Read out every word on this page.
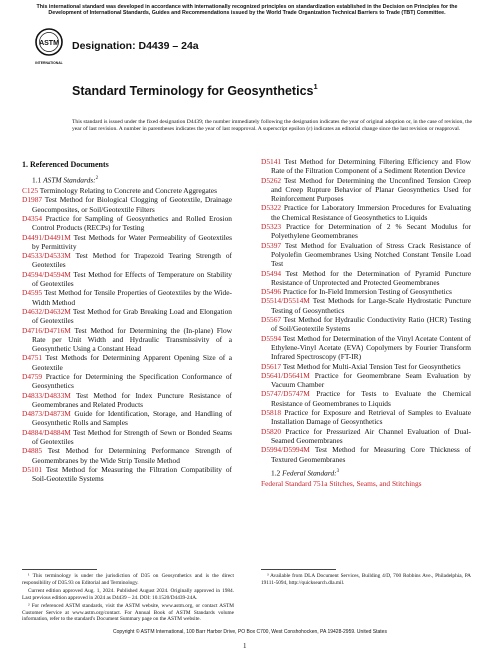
This international standard was developed in accordance with internationally recognized principles on standardization established in the Decision on Principles for the Development of International Standards, Guides and Recommendations issued by the World Trade Organization Technical Barriers to Trade (TBT) Committee.
ASTM
INTERNATIONAL
Designation: D4439 – 24a
Standard Terminology for Geosynthetics$^1$
This standard is issued under the fixed designation D4439; the number immediately following the designation indicates the year of original adoption or, in the case of revision, the year of last revision. A number in parentheses indicates the year of last reapproval. A superscript epsilon (ε) indicates an editorial change since the last revision or reapproval.
1. Referenced Documents
1.1 ASTM Standards:$^2$
C125 Terminology Relating to Concrete and Concrete Aggregates
D1987 Test Method for Biological Clogging of Geotextile, Drainage Geocomposites, or Soil/Geotextile Filters
D4354 Practice for Sampling of Geosynthetics and Rolled Erosion Control Products (RECPs) for Testing
D4491/D4491M Test Methods for Water Permeability of Geotextiles by Permittivity
D4533/D4533M Test Method for Trapezoid Tearing Strength of Geotextiles
D4594/D4594M Test Method for Effects of Temperature on Stability of Geotextiles
D4595 Test Method for Tensile Properties of Geotextiles by the Wide-Width Method
D4632/D4632M Test Method for Grab Breaking Load and Elongation of Geotextiles
D4716/D4716M Test Method for Determining the (In-plane) Flow Rate per Unit Width and Hydraulic Transmissivity of a Geosynthetic Using a Constant Head
D4751 Test Methods for Determining Apparent Opening Size of a Geotextile
D4759 Practice for Determining the Specification Conformance of Geosynthetics
D4833/D4833M Test Method for Index Puncture Resistance of Geomembranes and Related Products
D4873/D4873M Guide for Identification, Storage, and Handling of Geosynthetic Rolls and Samples
D4884/D4884M Test Method for Strength of Sewn or Bonded Seams of Geotextiles
D4885 Test Method for Determining Performance Strength of Geomembranes by the Wide Strip Tensile Method
D5101 Test Method for Measuring the Filtration Compatibility of Soil-Geotextile Systems
D5141 Test Method for Determining Filtering Efficiency and Flow Rate of the Filtration Component of a Sediment Retention Device
D5262 Test Method for Determining the Unconfined Tension Creep and Creep Rupture Behavior of Planar Geosynthetics Used for Reinforcement Purposes
D5322 Practice for Laboratory Immersion Procedures for Evaluating the Chemical Resistance of Geosynthetics to Liquids
D5323 Practice for Determination of 2 % Secant Modulus for Polyethylene Geomembranes
D5397 Test Method for Evaluation of Stress Crack Resistance of Polyolefin Geomembranes Using Notched Constant Tensile Load Test
D5494 Test Method for the Determination of Pyramid Puncture Resistance of Unprotected and Protected Geomembranes
D5496 Practice for In-Field Immersion Testing of Geosynthetics
D5514/D5514M Test Methods for Large-Scale Hydrostatic Puncture Testing of Geosynthetics
D5567 Test Method for Hydraulic Conductivity Ratio (HCR) Testing of Soil/Geotextile Systems
D5594 Test Method for Determination of the Vinyl Acetate Content of Ethylene-Vinyl Acetate (EVA) Copolymers by Fourier Transform Infrared Spectroscopy (FT-IR)
D5617 Test Method for Multi-Axial Tension Test for Geosynthetics
D5641/D5641M Practice for Geomembrane Seam Evaluation by Vacuum Chamber
D5747/D5747M Practice for Tests to Evaluate the Chemical Resistance of Geomembranes to Liquids
D5818 Practice for Exposure and Retrieval of Samples to Evaluate Installation Damage of Geosynthetics
D5820 Practice for Pressurized Air Channel Evaluation of Dual-Seamed Geomembranes
D5994/D5994M Test Method for Measuring Core Thickness of Textured Geomembranes
1.2 Federal Standard:$^3$
Federal Standard 751a Stitches, Seams, and Stitchings

¹ This terminology is under the jurisdiction of D35 on Geosynthetics and is the direct responsibility of D35.93 on Editorial and Terminology.

Current edition approved Aug. 1, 2024. Published August 2024. Originally approved in 1984. Last previous edition approved in 2024 as D4439 – 24. DOI: 10.1520/D4439-24A.

² For referenced ASTM standards, visit the ASTM website, www.astm.org, or contact ASTM Customer Service at www.astm.org/contact. For Annual Book of ASTM Standards volume information, refer to the standard's Document Summary page on the ASTM website.

³ Available from DLA Document Services, Building 4/D, 700 Robbins Ave., Philadelphia, PA 19111-5094, http://quicksearch.dla.mil.

Copyright © ASTM International, 100 Barr Harbor Drive, PO Box C700, West Conshohocken, PA 19428-2959. United States
1
